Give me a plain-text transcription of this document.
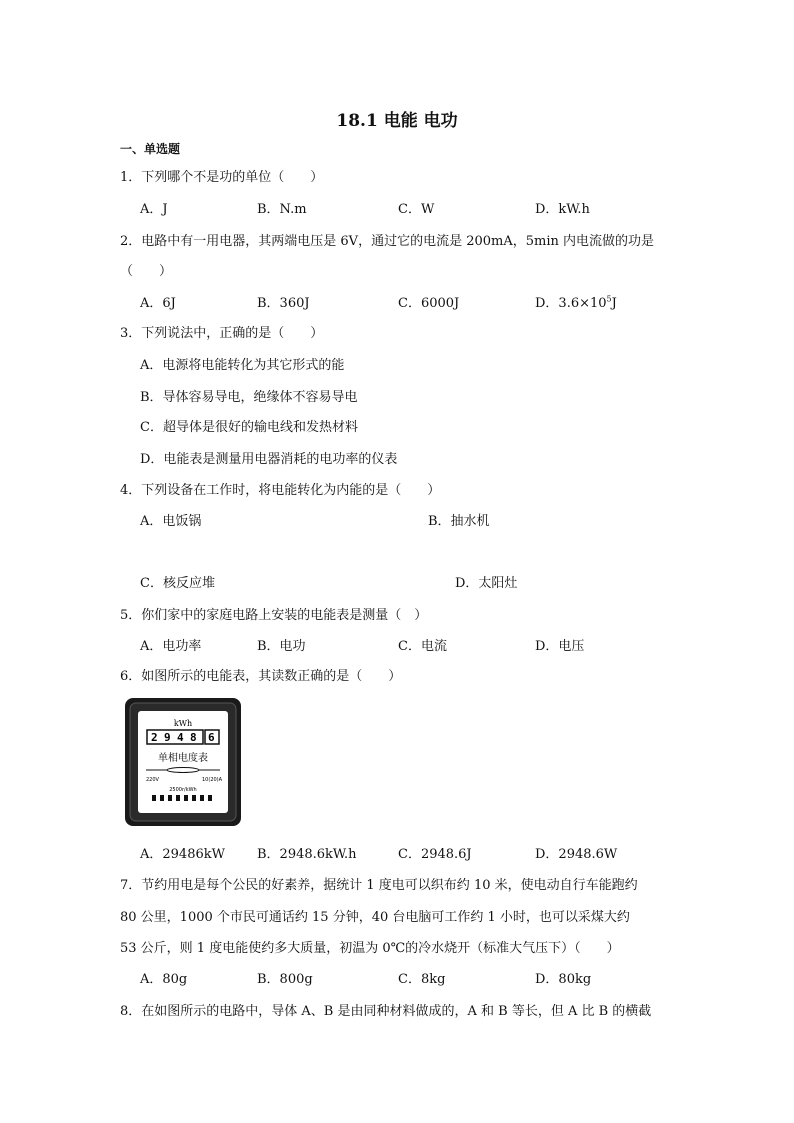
18.1 电能 电功
一、单选题
1．下列哪个不是功的单位（　　）
A．J	B．N.m	C．W	D．kW.h
2．电路中有一用电器，其两端电压是 6V，通过它的电流是 200mA，5min 内电流做的功是
（　　）
A．6J	B．360J	C．6000J	D．$3.6\times 10^5J$
3．下列说法中，正确的是（　　）
A．电源将电能转化为其它形式的能
B．导体容易导电，绝缘体不容易导电
C．超导体是很好的输电线和发热材料
D．电能表是测量用电器消耗的电功率的仪表
4．下列设备在工作时，将电能转化为内能的是（　　）
A．电饭锅	B．抽水机
C．核反应堆	D．太阳灶
5．你们家中的家庭电路上安装的电能表是测量（　）
A．电功率	B．电功	C．电流	D．电压
6．如图所示的电能表，其读数正确的是（　　）
kWh
2 9 4 8 6
单相电度表
220V	10(20)A
2500r/kWh
A．29486kW B．2948.6kW.h	C．2948.6J	D．2948.6W
7．节约用电是每个公民的好素养，据统计 1 度电可以织布约 10 米，使电动自行车能跑约
80 公里，1000 个市民可通话约 15 分钟，40 台电脑可工作约 1 小时，也可以采煤大约
53 公斤，则 1 度电能使约多大质量，初温为 0℃的冷水烧开（标准大气压下）（　　）
A．80g	B．800g	C．8kg	D．80kg
8．在如图所示的电路中，导体 A、B 是由同种材料做成的，A 和 B 等长，但 A 比 B 的横截
